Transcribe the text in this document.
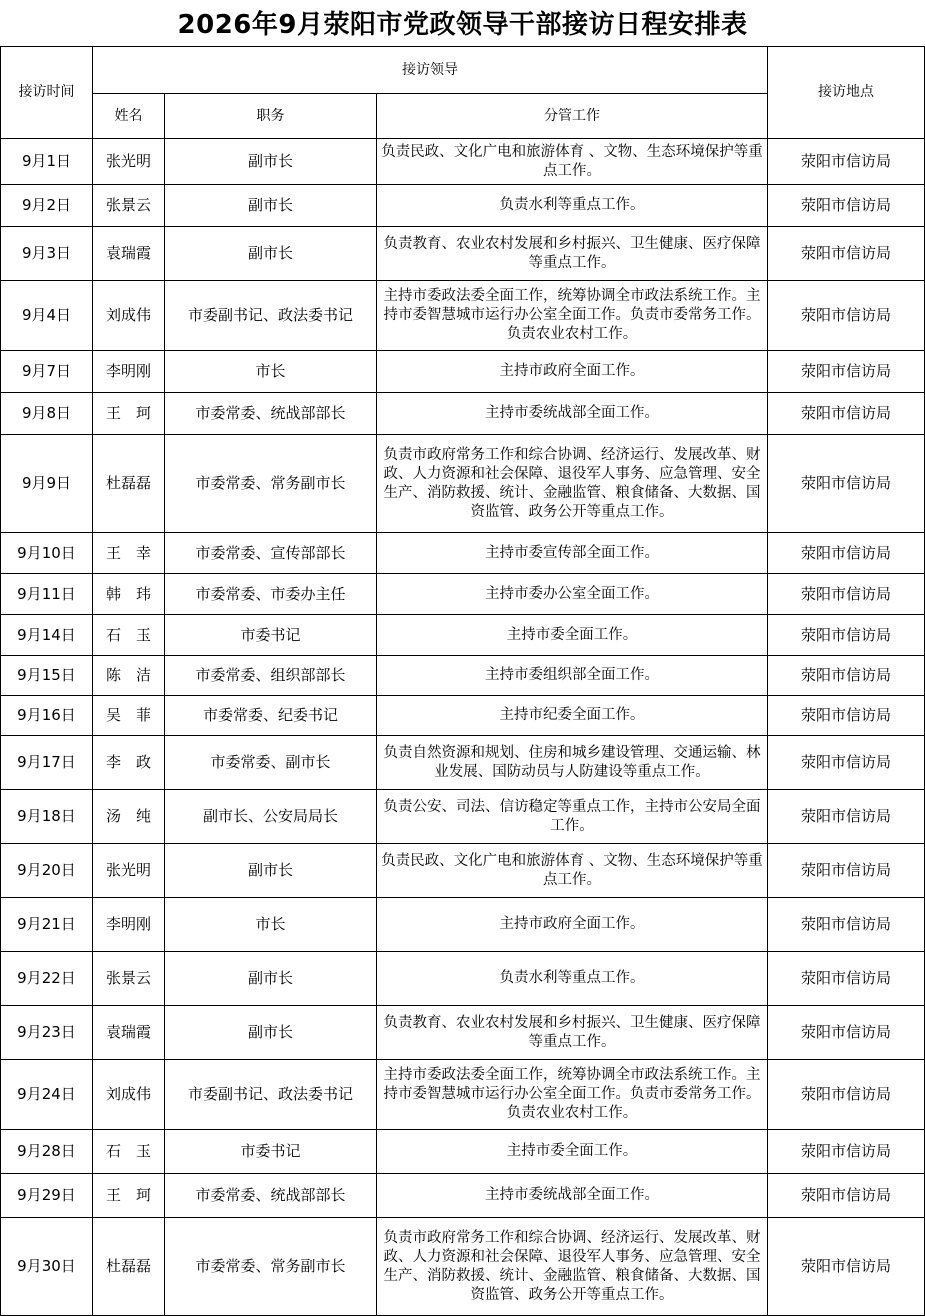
2026年9月荥阳市党政领导干部接访日程安排表
接访时间	接访领导			接访地点
	姓名	职务	分管工作	
9月1日	张光明	副市长	负责民政、文化广电和旅游体育 、文物、生态环境保护等重点工作。	荥阳市信访局
9月2日	张景云	副市长	负责水利等重点工作。	荥阳市信访局
9月3日	袁瑞霞	副市长	负责教育、农业农村发展和乡村振兴、卫生健康、医疗保障等重点工作。	荥阳市信访局
9月4日	刘成伟	市委副书记、政法委书记	主持市委政法委全面工作，统筹协调全市政法系统工作。主持市委智慧城市运行办公室全面工作。负责市委常务工作。负责农业农村工作。	荥阳市信访局
9月7日	李明刚	市长	主持市政府全面工作。	荥阳市信访局
9月8日	王　珂	市委常委、统战部部长	主持市委统战部全面工作。	荥阳市信访局
9月9日	杜磊磊	市委常委、常务副市长	负责市政府常务工作和综合协调、经济运行、发展改革、财政、人力资源和社会保障、退役军人事务、应急管理、安全生产、消防救援、统计、金融监管、粮食储备、大数据、国资监管、政务公开等重点工作。	荥阳市信访局
9月10日	王　幸	市委常委、宣传部部长	主持市委宣传部全面工作。	荥阳市信访局
9月11日	韩　玮	市委常委、市委办主任	主持市委办公室全面工作。	荥阳市信访局
9月14日	石　玉	市委书记	主持市委全面工作。	荥阳市信访局
9月15日	陈　洁	市委常委、组织部部长	主持市委组织部全面工作。	荥阳市信访局
9月16日	吴　菲	市委常委、纪委书记	主持市纪委全面工作。	荥阳市信访局
9月17日	李　政	市委常委、副市长	负责自然资源和规划、住房和城乡建设管理、交通运输、林业发展、国防动员与人防建设等重点工作。	荥阳市信访局
9月18日	汤　纯	副市长、公安局局长	负责公安、司法、信访稳定等重点工作，主持市公安局全面工作。	荥阳市信访局
9月20日	张光明	副市长	负责民政、文化广电和旅游体育 、文物、生态环境保护等重点工作。	荥阳市信访局
9月21日	李明刚	市长	主持市政府全面工作。	荥阳市信访局
9月22日	张景云	副市长	负责水利等重点工作。	荥阳市信访局
9月23日	袁瑞霞	副市长	负责教育、农业农村发展和乡村振兴、卫生健康、医疗保障等重点工作。	荥阳市信访局
9月24日	刘成伟	市委副书记、政法委书记	主持市委政法委全面工作，统筹协调全市政法系统工作。主持市委智慧城市运行办公室全面工作。负责市委常务工作。负责农业农村工作。	荥阳市信访局
9月28日	石　玉	市委书记	主持市委全面工作。	荥阳市信访局
9月29日	王　珂	市委常委、统战部部长	主持市委统战部全面工作。	荥阳市信访局
9月30日	杜磊磊	市委常委、常务副市长	负责市政府常务工作和综合协调、经济运行、发展改革、财政、人力资源和社会保障、退役军人事务、应急管理、安全生产、消防救援、统计、金融监管、粮食储备、大数据、国资监管、政务公开等重点工作。	荥阳市信访局
